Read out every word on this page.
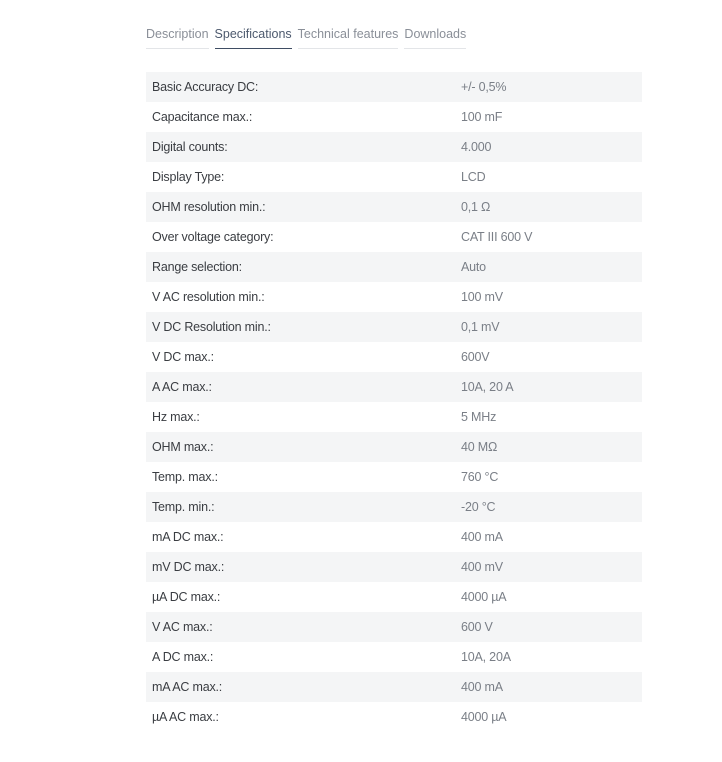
Description Specifications Technical features Downloads
Basic Accuracy DC:	+/- 0,5%
Capacitance max.:	100 mF
Digital counts:	4.000
Display Type:	LCD
OHM resolution min.:	0,1 Ω
Over voltage category:	CAT III 600 V
Range selection:	Auto
V AC resolution min.:	100 mV
V DC Resolution min.:	0,1 mV
V DC max.:	600V
A AC max.:	10A, 20 A
Hz max.:	5 MHz
OHM max.:	40 MΩ
Temp. max.:	760 °C
Temp. min.:	-20 °C
mA DC max.:	400 mA
mV DC max.:	400 mV
µA DC max.:	4000 µA
V AC max.:	600 V
A DC max.:	10A, 20A
mA AC max.:	400 mA
µA AC max.:	4000 µA
